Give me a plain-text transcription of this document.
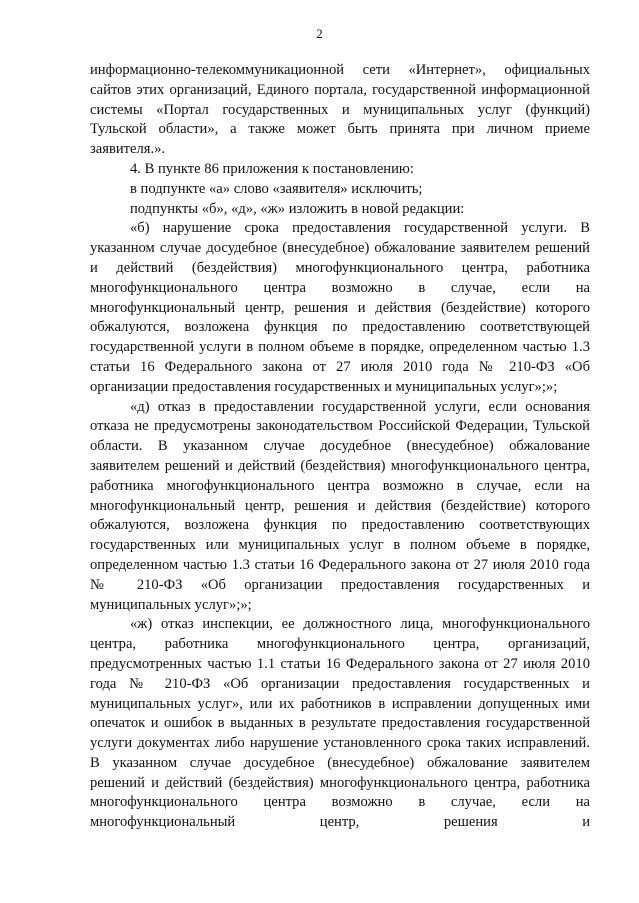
2

информационно-телекоммуникационной сети «Интернет», официальных сайтов этих организаций, Единого портала, государственной информационной системы «Портал государственных и муниципальных услуг (функций) Тульской области», а также может быть принята при личном приеме заявителя.».

4. В пункте 86 приложения к постановлению:

в подпункте «а» слово «заявителя» исключить;

подпункты «б», «д», «ж» изложить в новой редакции:

«б) нарушение срока предоставления государственной услуги. В указанном случае досудебное (внесудебное) обжалование заявителем решений и действий (бездействия) многофункционального центра, работника многофункционального центра возможно в случае, если на многофункциональный центр, решения и действия (бездействие) которого обжалуются, возложена функция по предоставлению соответствующей государственной услуги в полном объеме в порядке, определенном частью 1.3 статьи 16 Федерального закона от 27 июля 2010 года № 210-ФЗ «Об организации предоставления государственных и муниципальных услуг»;»;

«д) отказ в предоставлении государственной услуги, если основания отказа не предусмотрены законодательством Российской Федерации, Тульской области. В указанном случае досудебное (внесудебное) обжалование заявителем решений и действий (бездействия) многофункционального центра, работника многофункционального центра возможно в случае, если на многофункциональный центр, решения и действия (бездействие) которого обжалуются, возложена функция по предоставлению соответствующих государственных или муниципальных услуг в полном объеме в порядке, определенном частью 1.3 статьи 16 Федерального закона от 27 июля 2010 года № 210-ФЗ «Об организации предоставления государственных и муниципальных услуг»;»;

«ж) отказ инспекции, ее должностного лица, многофункционального центра, работника многофункционального центра, организаций, предусмотренных частью 1.1 статьи 16 Федерального закона от 27 июля 2010 года № 210-ФЗ «Об организации предоставления государственных и муниципальных услуг», или их работников в исправлении допущенных ими опечаток и ошибок в выданных в результате предоставления государственной услуги документах либо нарушение установленного срока таких исправлений. В указанном случае досудебное (внесудебное) обжалование заявителем решений и действий (бездействия) многофункционального центра, работника многофункционального центра возможно в случае, если на многофункциональный центр, решения и
